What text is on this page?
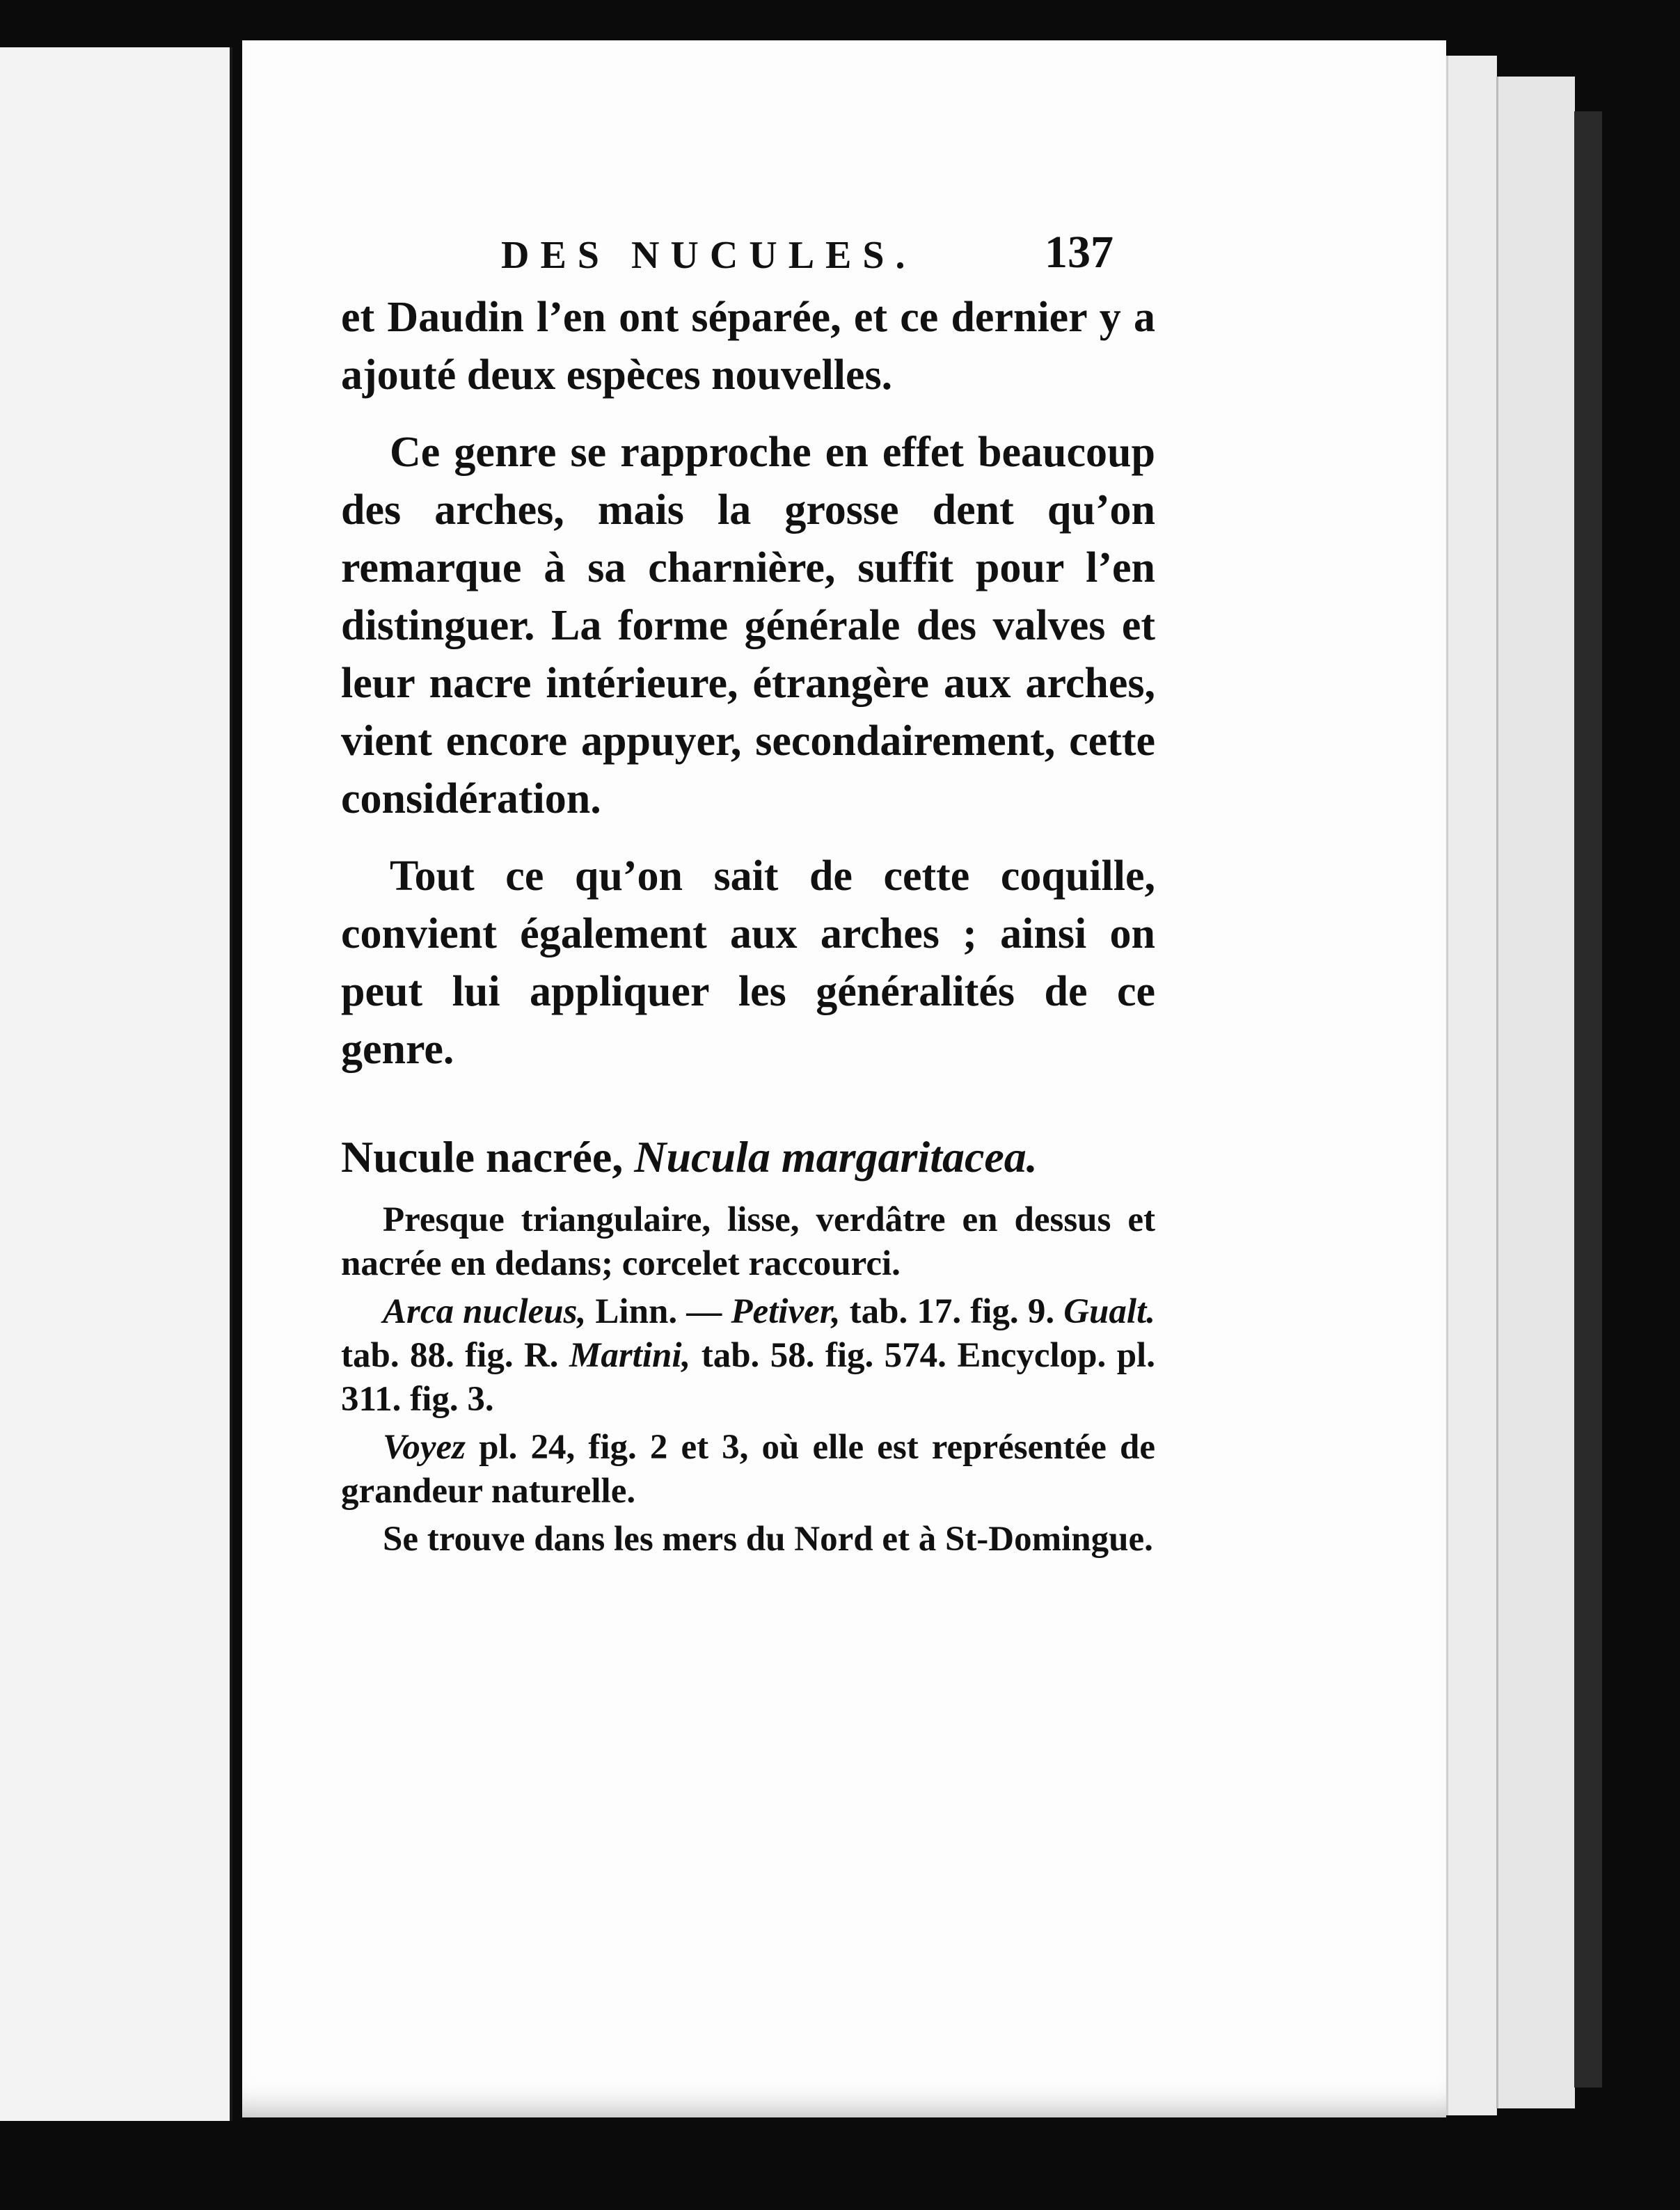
DES NUCULES.	137

et Daudin l’en ont séparée, et ce dernier y a ajouté deux espèces nouvelles.

Ce genre se rapproche en effet beaucoup des arches, mais la grosse dent qu’on remarque à sa charnière, suffit pour l’en distinguer. La forme générale des valves et leur nacre intérieure, étrangère aux arches, vient encore appuyer, secondairement, cette considération.

Tout ce qu’on sait de cette coquille, convient également aux arches ; ainsi on peut lui appliquer les généralités de ce genre.

Nucule nacrée, Nucula margaritacea.

Presque triangulaire, lisse, verdâtre en dessus et nacrée en dedans; corcelet raccourci.

Arca nucleus, Linn. — Petiver, tab. 17. fig. 9. Gualt. tab. 88. fig. R. Martini, tab. 58. fig. 574. Encyclop. pl. 311. fig. 3.

Voyez pl. 24, fig. 2 et 3, où elle est représentée de grandeur naturelle.

Se trouve dans les mers du Nord et à St-Domingue.
